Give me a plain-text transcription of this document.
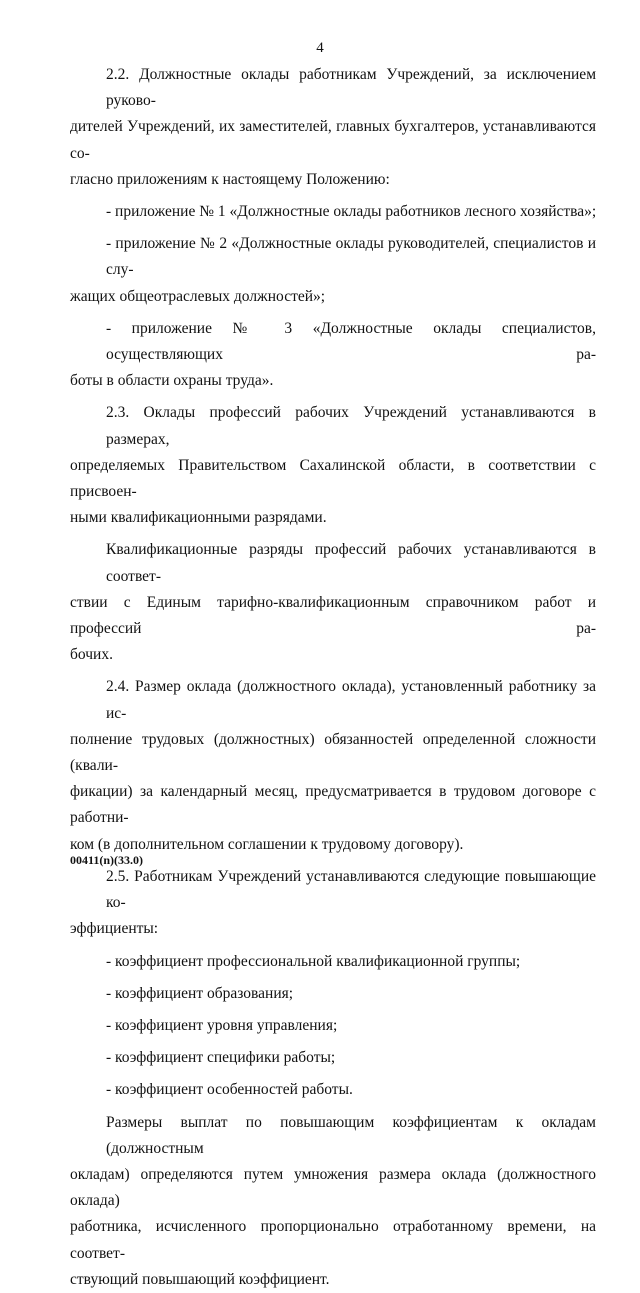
4
2.2. Должностные оклады работникам Учреждений, за исключением руково-
дителей Учреждений, их заместителей, главных бухгалтеров, устанавливаются со-
гласно приложениям к настоящему Положению:
- приложение № 1 «Должностные оклады работников лесного хозяйства»;
- приложение № 2 «Должностные оклады руководителей, специалистов и слу-
жащих общеотраслевых должностей»;
- приложение № 3 «Должностные оклады специалистов, осуществляющих ра-
боты в области охраны труда».
2.3. Оклады профессий рабочих Учреждений устанавливаются в размерах,
определяемых Правительством Сахалинской области, в соответствии с присвоен-
ными квалификационными разрядами.
Квалификационные разряды профессий рабочих устанавливаются в соответ-
ствии с Единым тарифно-квалификационным справочником работ и профессий ра-
бочих.
2.4. Размер оклада (должностного оклада), установленный работнику за ис-
полнение трудовых (должностных) обязанностей определенной сложности (квали-
фикации) за календарный месяц, предусматривается в трудовом договоре с работни-
ком (в дополнительном соглашении к трудовому договору).
2.5. Работникам Учреждений устанавливаются следующие повышающие ко-
эффициенты:
- коэффициент профессиональной квалификационной группы;
- коэффициент образования;
- коэффициент уровня управления;
- коэффициент специфики работы;
- коэффициент особенностей работы.
Размеры выплат по повышающим коэффициентам к окладам (должностным
окладам) определяются путем умножения размера оклада (должностного оклада)
работника, исчисленного пропорционально отработанному времени, на соответ-
ствующий повышающий коэффициент.
00411(n)(33.0)
